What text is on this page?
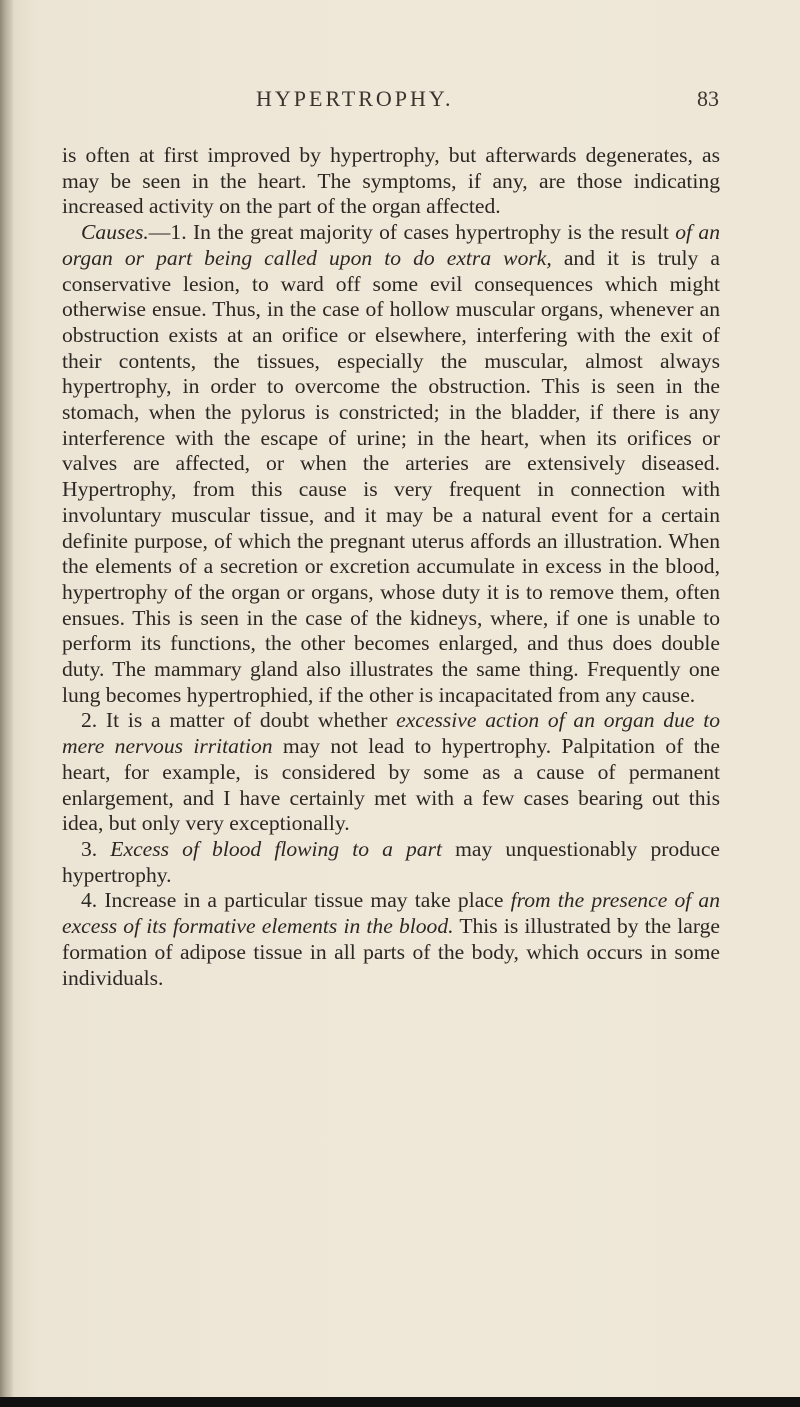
HYPERTROPHY.	83

is often at first improved by hypertrophy, but afterwards degenerates, as may be seen in the heart. The symptoms, if any, are those indicating increased activity on the part of the organ affected.

Causes.—1. In the great majority of cases hypertrophy is the result of an organ or part being called upon to do extra work, and it is truly a conservative lesion, to ward off some evil consequences which might otherwise ensue. Thus, in the case of hollow muscular organs, whenever an obstruction exists at an orifice or elsewhere, interfering with the exit of their contents, the tissues, especially the muscular, almost always hypertrophy, in order to overcome the obstruction. This is seen in the stomach, when the pylorus is constricted; in the bladder, if there is any interference with the escape of urine; in the heart, when its orifices or valves are affected, or when the arteries are extensively diseased. Hypertrophy, from this cause is very frequent in connection with involuntary muscular tissue, and it may be a natural event for a certain definite purpose, of which the pregnant uterus affords an illustration. When the elements of a secretion or excretion accumulate in excess in the blood, hypertrophy of the organ or organs, whose duty it is to remove them, often ensues. This is seen in the case of the kidneys, where, if one is unable to perform its functions, the other becomes enlarged, and thus does double duty. The mammary gland also illustrates the same thing. Frequently one lung becomes hypertrophied, if the other is incapacitated from any cause.

2. It is a matter of doubt whether excessive action of an organ due to mere nervous irritation may not lead to hypertrophy. Palpitation of the heart, for example, is considered by some as a cause of permanent enlargement, and I have certainly met with a few cases bearing out this idea, but only very exceptionally.

3. Excess of blood flowing to a part may unquestionably produce hypertrophy.

4. Increase in a particular tissue may take place from the presence of an excess of its formative elements in the blood. This is illustrated by the large formation of adipose tissue in all parts of the body, which occurs in some individuals.
